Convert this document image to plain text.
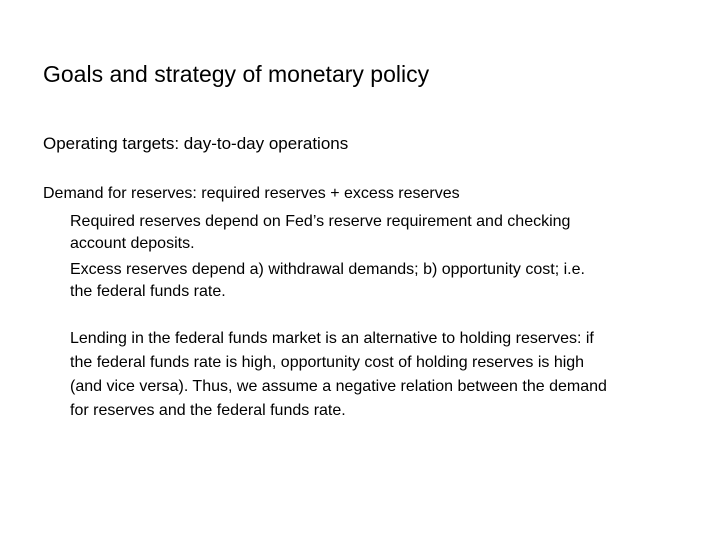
Goals and strategy of monetary policy
Operating targets: day-to-day operations
Demand for reserves: required reserves + excess reserves
Required reserves depend on Fed’s reserve requirement and checking
account deposits.
Excess reserves depend a) withdrawal demands; b) opportunity cost; i.e.
the federal funds rate.
Lending in the federal funds market is an alternative to holding reserves: if
the federal funds rate is high, opportunity cost of holding reserves is high
(and vice versa). Thus, we assume a negative relation between the demand
for reserves and the federal funds rate.
